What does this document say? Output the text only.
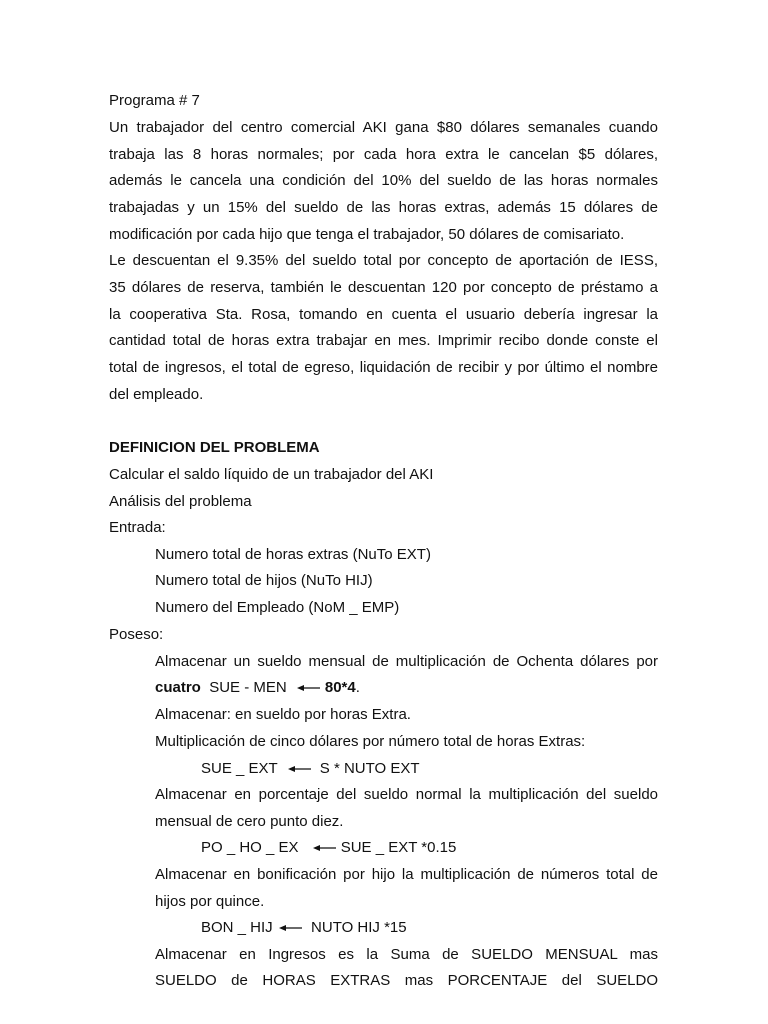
Programa # 7
Un trabajador del centro comercial AKI gana $80 dólares semanales cuando
trabaja las 8 horas normales; por cada hora extra le cancelan $5 dólares,
además le cancela una condición del 10% del sueldo de las horas normales
trabajadas y un 15% del sueldo de las horas extras, además 15 dólares de
modificación por cada hijo que tenga el trabajador, 50 dólares de comisariato.
Le descuentan el 9.35% del sueldo total por concepto de aportación de IESS,
35 dólares de reserva, también le descuentan 120 por concepto de préstamo a
la cooperativa Sta. Rosa, tomando en cuenta el usuario debería ingresar la
cantidad total de horas extra trabajar en mes. Imprimir recibo donde conste el
total de ingresos, el total de egreso, liquidación de recibir y por último el nombre
del empleado.
DEFINICION DEL PROBLEMA
Calcular el saldo líquido de un trabajador del AKI
Análisis del problema
Entrada:
Numero total de horas extras (NuTo EXT)
Numero total de hijos (NuTo HIJ)
Numero del Empleado (NoM _ EMP)
Poseso:
Almacenar un sueldo mensual de multiplicación de Ochenta dólares por
cuatro SUE - MEN	80*4.
Almacenar: en sueldo por horas Extra.
Multiplicación de cinco dólares por número total de horas Extras:
SUE _ EXT	S * NUTO EXT
Almacenar en porcentaje del sueldo normal la multiplicación del sueldo
mensual de cero punto diez.
PO _ HO _ EX	SUE _ EXT *0.15
Almacenar en bonificación por hijo la multiplicación de números total de
hijos por quince.
BON _ HIJ	NUTO HIJ *15
Almacenar en Ingresos es la Suma de SUELDO MENSUAL mas
SUELDO de HORAS EXTRAS mas PORCENTAJE del SUELDO
